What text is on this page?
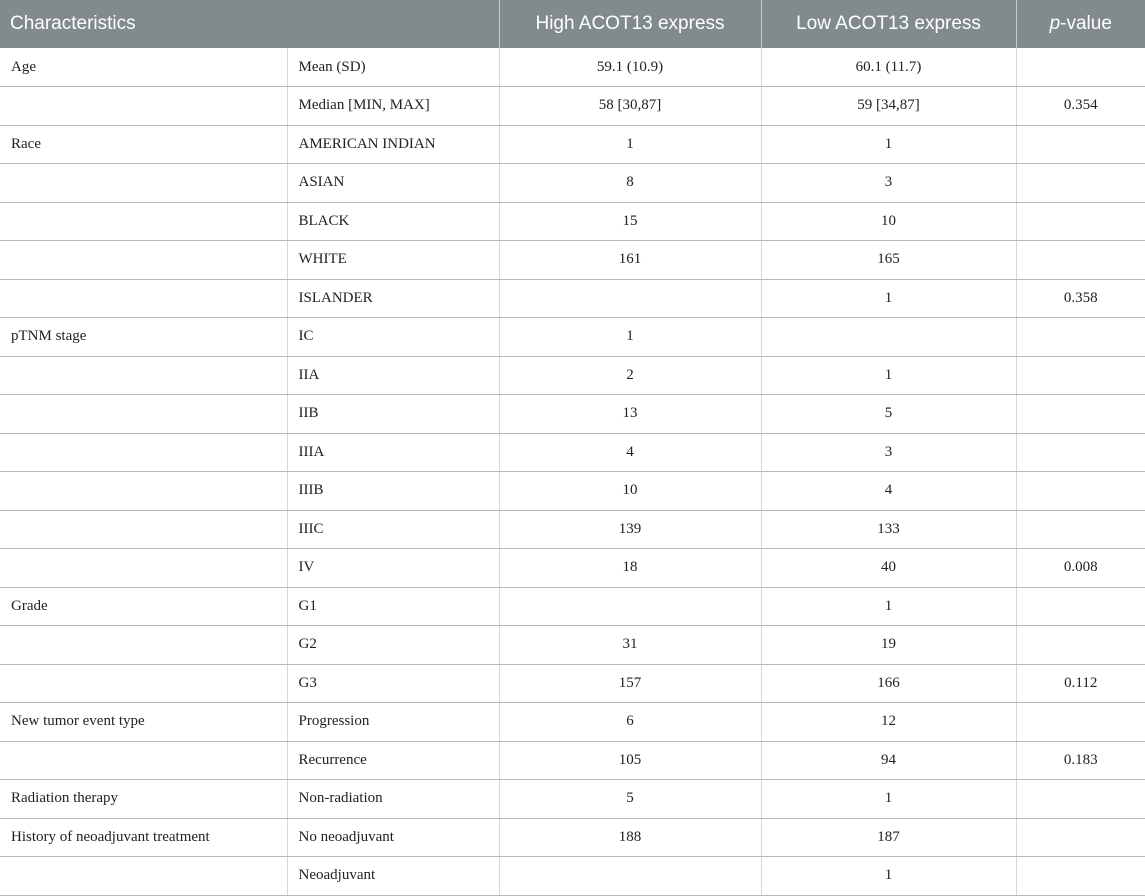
Characteristics		High ACOT13 express	Low ACOT13 express	p-value
Age	Mean (SD)	59.1 (10.9)	60.1 (11.7)	
	Median [MIN, MAX]	58 [30,87]	59 [34,87]	0.354
Race	AMERICAN INDIAN	1	1	
	ASIAN	8	3	
	BLACK	15	10	
	WHITE	161	165	
	ISLANDER		1	0.358
pTNM stage	IC	1		
	IIA	2	1	
	IIB	13	5	
	IIIA	4	3	
	IIIB	10	4	
	IIIC	139	133	
	IV	18	40	0.008
Grade	G1		1	
	G2	31	19	
	G3	157	166	0.112
New tumor event type	Progression	6	12	
	Recurrence	105	94	0.183
Radiation therapy	Non-radiation	5	1	
History of neoadjuvant treatment	No neoadjuvant	188	187	
	Neoadjuvant		1	
